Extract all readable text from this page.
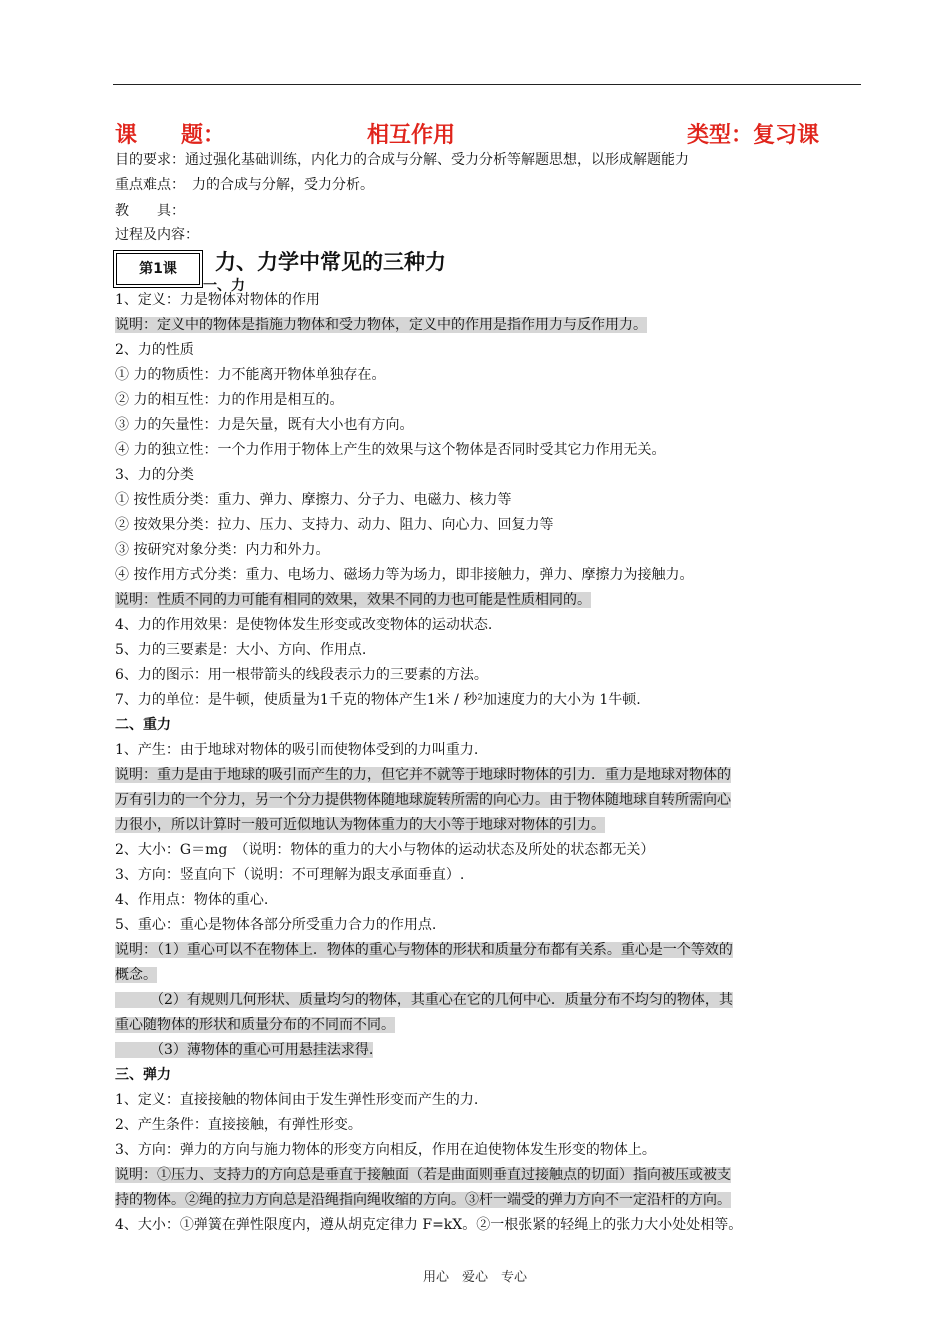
课　　题：	相互作用	类型：复习课
目的要求：通过强化基础训练，内化力的合成与分解、受力分析等解题思想，以形成解题能力
重点难点：　力的合成与分解，受力分析。
教　　具：
过程及内容：
第1课	力、力学中常见的三种力
一、力
1、定义：力是物体对物体的作用
说明：定义中的物体是指施力物体和受力物体，定义中的作用是指作用力与反作用力。
2、力的性质
① 力的物质性：力不能离开物体单独存在。
② 力的相互性：力的作用是相互的。
③ 力的矢量性：力是矢量，既有大小也有方向。
④ 力的独立性：一个力作用于物体上产生的效果与这个物体是否同时受其它力作用无关。
3、力的分类
① 按性质分类：重力、弹力、摩擦力、分子力、电磁力、核力等
② 按效果分类：拉力、压力、支持力、动力、阻力、向心力、回复力等
③ 按研究对象分类：内力和外力。
④ 按作用方式分类：重力、电场力、磁场力等为场力，即非接触力，弹力、摩擦力为接触力。
说明：性质不同的力可能有相同的效果，效果不同的力也可能是性质相同的。
4、力的作用效果：是使物体发生形变或改变物体的运动状态.
5、力的三要素是：大小、方向、作用点.
6、力的图示：用一根带箭头的线段表示力的三要素的方法。
7、力的单位：是牛顿，使质量为1千克的物体产生1米 / 秒²加速度力的大小为 1牛顿.
二、重力
1、产生：由于地球对物体的吸引而使物体受到的力叫重力.
说明：重力是由于地球的吸引而产生的力，但它并不就等于地球时物体的引力．重力是地球对物体的
万有引力的一个分力，另一个分力提供物体随地球旋转所需的向心力。由于物体随地球自转所需向心
力很小，所以计算时一般可近似地认为物体重力的大小等于地球对物体的引力。
2、大小：G＝mg　（说明：物体的重力的大小与物体的运动状态及所处的状态都无关）
3、方向：竖直向下（说明：不可理解为跟支承面垂直）.
4、作用点：物体的重心.
5、重心：重心是物体各部分所受重力合力的作用点.
说明：（1）重心可以不在物体上．物体的重心与物体的形状和质量分布都有关系。重心是一个等效的
概念。
　　　（2）有规则几何形状、质量均匀的物体，其重心在它的几何中心．质量分布不均匀的物体，其
重心随物体的形状和质量分布的不同而不同。
　　　（3）薄物体的重心可用悬挂法求得.
三、弹力
1、定义：直接接触的物体间由于发生弹性形变而产生的力.
2、产生条件：直接接触，有弹性形变。
3、方向：弹力的方向与施力物体的形变方向相反，作用在迫使物体发生形变的物体上。
说明：①压力、支持力的方向总是垂直于接触面（若是曲面则垂直过接触点的切面）指向被压或被支
持的物体。②绳的拉力方向总是沿绳指向绳收缩的方向。③杆一端受的弹力方向不一定沿杆的方向。
4、大小：①弹簧在弹性限度内，遵从胡克定律力 F=kX。②一根张紧的轻绳上的张力大小处处相等。
用心　爱心　专心
